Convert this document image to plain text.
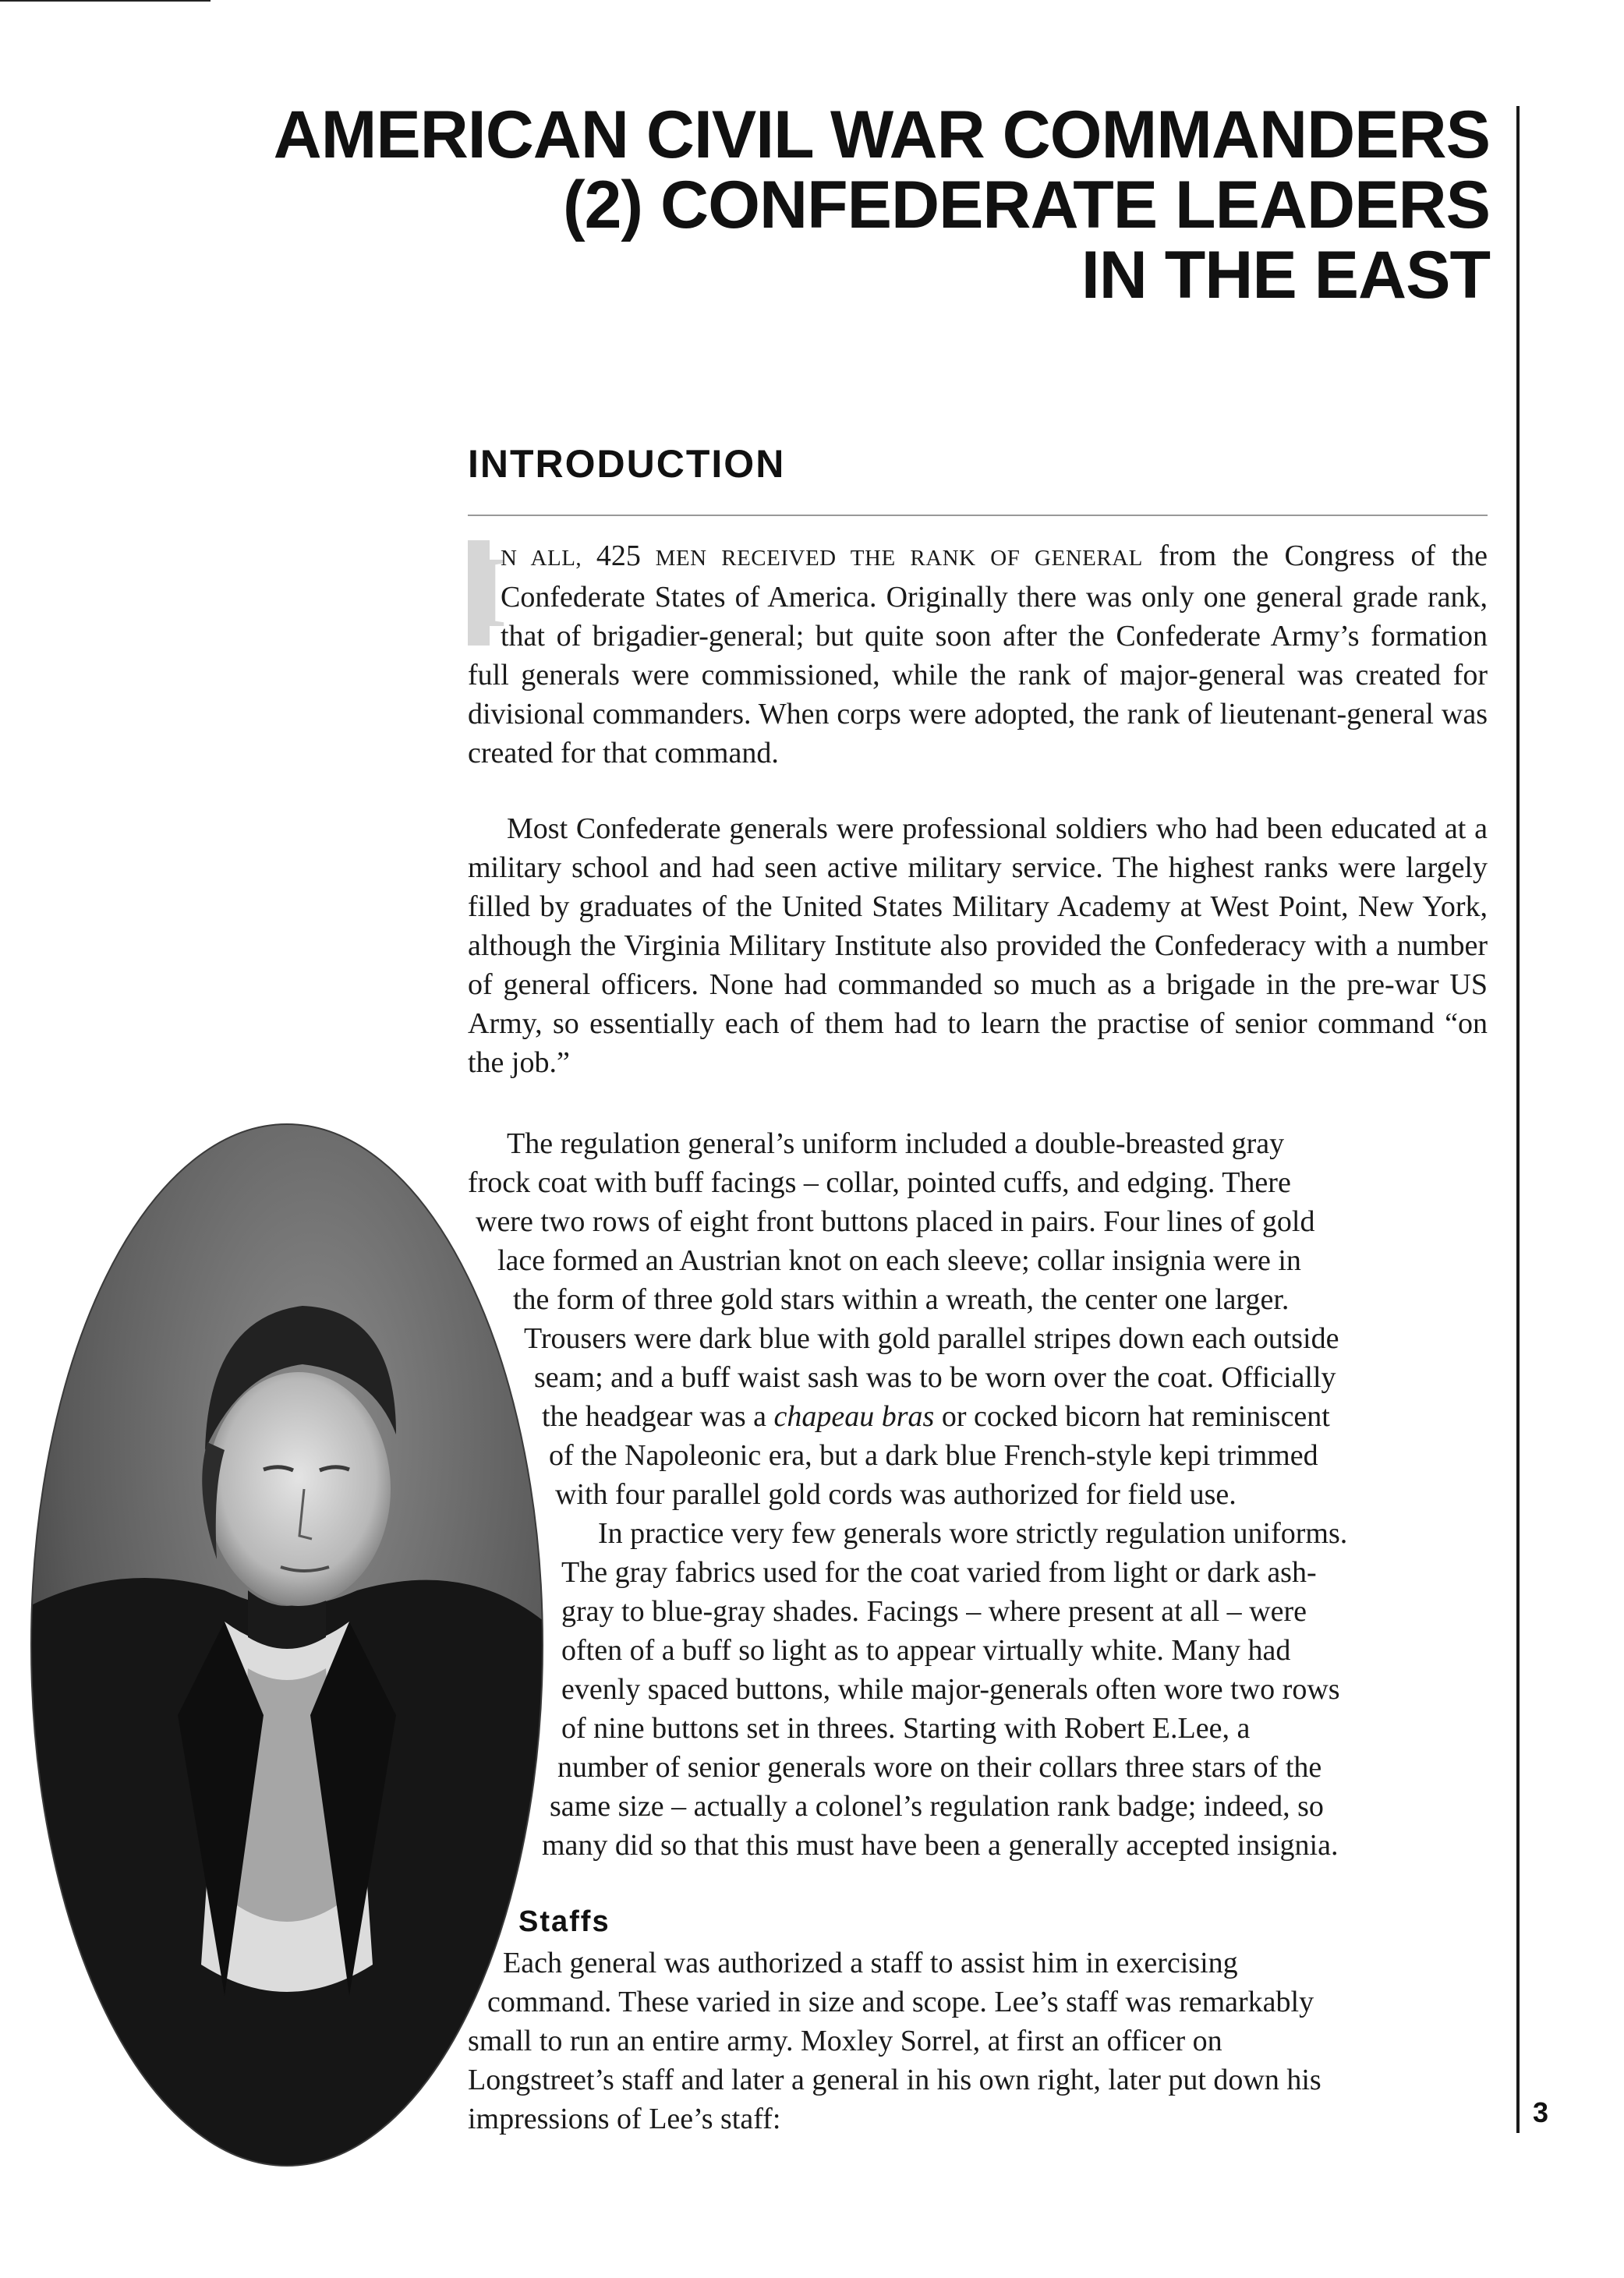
AMERICAN CIVIL WAR COMMANDERS
(2) CONFEDERATE LEADERS
IN THE EAST
INTRODUCTION
I
N ALL, 425 MEN RECEIVED THE RANK OF GENERAL from the Congress of the Confederate States of America. Originally there was only one general grade rank, that of brigadier-general; but quite soon after the Confederate Army’s formation full generals were commissioned, while the rank of major-general was created for divisional commanders. When corps were adopted, the rank of lieutenant-general was created for that command.
Most Confederate generals were professional soldiers who had been educated at a military school and had seen active military service. The highest ranks were largely filled by graduates of the United States Military Academy at West Point, New York, although the Virginia Military Institute also provided the Confederacy with a number of general officers. None had commanded so much as a brigade in the pre-war US Army, so essentially each of them had to learn the practise of senior command “on the job.”
The regulation general’s uniform included a double-breasted gray
frock coat with buff facings – collar, pointed cuffs, and edging. There
were two rows of eight front buttons placed in pairs. Four lines of gold
lace formed an Austrian knot on each sleeve; collar insignia were in
the form of three gold stars within a wreath, the center one larger.
Trousers were dark blue with gold parallel stripes down each outside
seam; and a buff waist sash was to be worn over the coat. Officially
the headgear was a chapeau bras or cocked bicorn hat reminiscent
of the Napoleonic era, but a dark blue French-style kepi trimmed
with four parallel gold cords was authorized for field use.
In practice very few generals wore strictly regulation uniforms.
The gray fabrics used for the coat varied from light or dark ash-
gray to blue-gray shades. Facings – where present at all – were
often of a buff so light as to appear virtually white. Many had
evenly spaced buttons, while major-generals often wore two rows
of nine buttons set in threes. Starting with Robert E.Lee, a
number of senior generals wore on their collars three stars of the
same size – actually a colonel’s regulation rank badge; indeed, so
many did so that this must have been a generally accepted insignia.
Staffs
Each general was authorized a staff to assist him in exercising
command. These varied in size and scope. Lee’s staff was remarkably
small to run an entire army. Moxley Sorrel, at first an officer on
Longstreet’s staff and later a general in his own right, later put down his
impressions of Lee’s staff:	3
